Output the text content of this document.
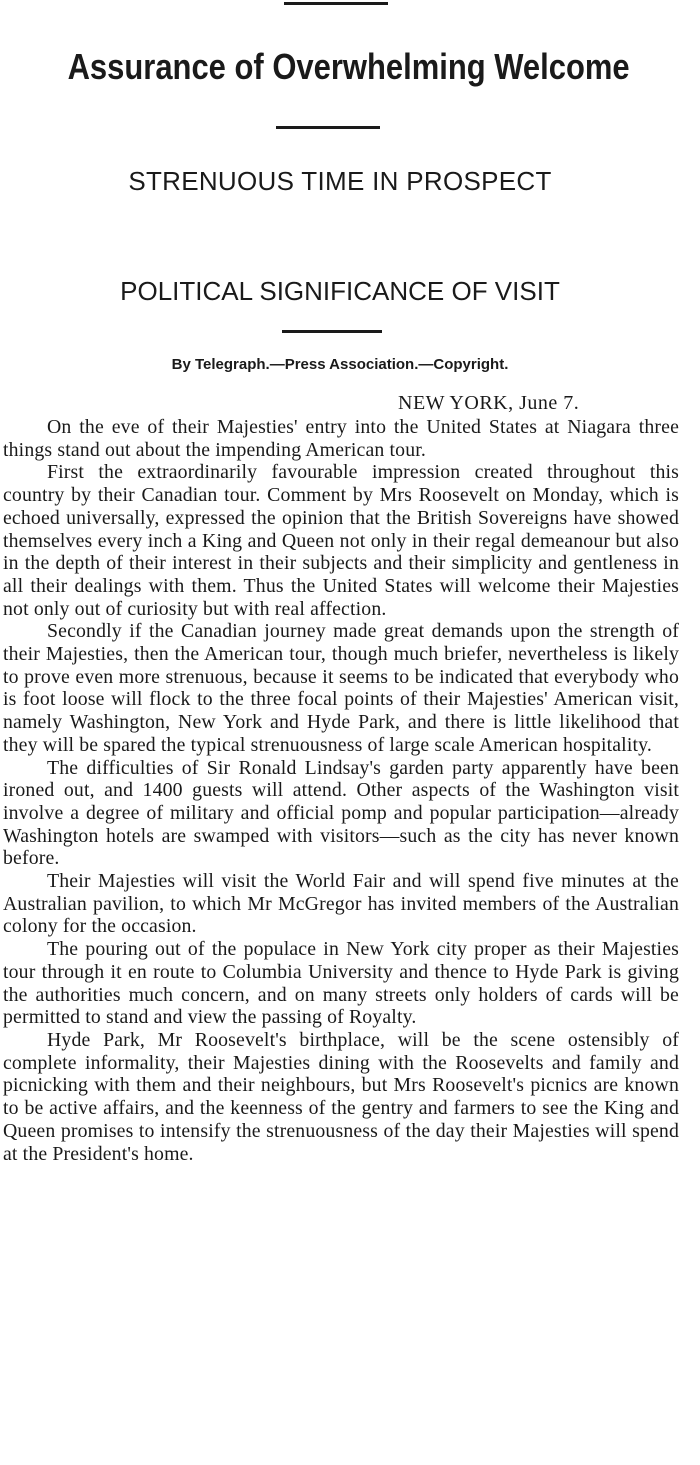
Assurance of Overwhelming Welcome
STRENUOUS TIME IN PROSPECT
POLITICAL SIGNIFICANCE OF VISIT
By Telegraph.—Press Association.—Copyright.
NEW YORK, June 7.

On the eve of their Majesties' entry into the United States at Niagara three things stand out about the impending American tour.

First the extraordinarily favourable impression created throughout this country by their Canadian tour. Comment by Mrs Roosevelt on Monday, which is echoed universally, expressed the opinion that the British Sovereigns have showed themselves every inch a King and Queen not only in their regal demeanour but also in the depth of their interest in their subjects and their simplicity and gentleness in all their dealings with them. Thus the United States will welcome their Majesties not only out of curiosity but with real affection.

Secondly if the Canadian journey made great demands upon the strength of their Majesties, then the American tour, though much briefer, nevertheless is likely to prove even more strenuous, because it seems to be indicated that everybody who is foot loose will flock to the three focal points of their Majesties' American visit, namely Washington, New York and Hyde Park, and there is little likelihood that they will be spared the typical strenuousness of large scale American hospitality.

The difficulties of Sir Ronald Lindsay's garden party apparently have been ironed out, and 1400 guests will attend. Other aspects of the Washington visit involve a degree of military and official pomp and popular participation—already Washington hotels are swamped with visitors—such as the city has never known before.

Their Majesties will visit the World Fair and will spend five minutes at the Australian pavilion, to which Mr McGregor has invited members of the Australian colony for the occasion.

The pouring out of the populace in New York city proper as their Majesties tour through it en route to Columbia University and thence to Hyde Park is giving the authorities much concern, and on many streets only holders of cards will be permitted to stand and view the passing of Royalty.

Hyde Park, Mr Roosevelt's birthplace, will be the scene ostensibly of complete informality, their Majesties dining with the Roosevelts and family and picnicking with them and their neighbours, but Mrs Roosevelt's picnics are known to be active affairs, and the keenness of the gentry and farmers to see the King and Queen promises to intensify the strenuousness of the day their Majesties will spend at the President's home.
